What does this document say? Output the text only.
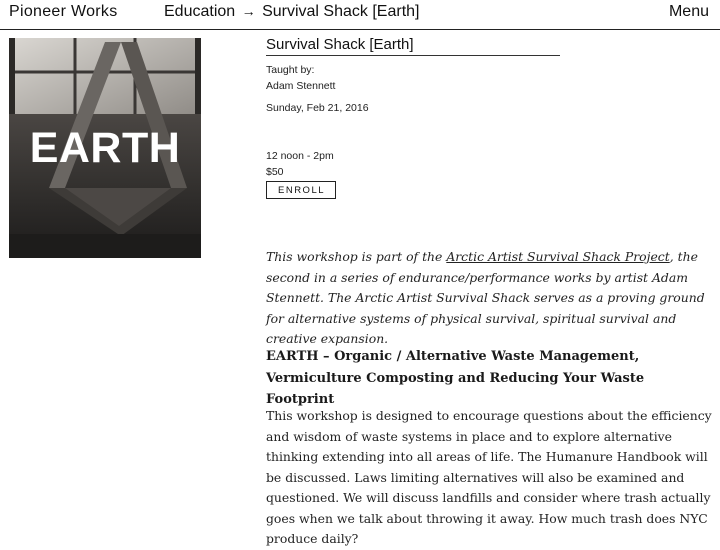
Pioneer Works	Education → Survival Shack [Earth]	Menu
EARTH
Survival Shack [Earth]
Taught by:
Adam Stennett
Sunday, Feb 21, 2016
12 noon - 2pm
$50
ENROLL
This workshop is part of the Arctic Artist Survival Shack Project, the second in a series of endurance/performance works by artist Adam Stennett. The Arctic Artist Survival Shack serves as a proving ground for alternative systems of physical survival, spiritual survival and creative expansion.
EARTH – Organic / Alternative Waste Management, Vermiculture Composting and Reducing Your Waste Footprint
This workshop is designed to encourage questions about the efficiency and wisdom of waste systems in place and to explore alternative thinking extending into all areas of life. The Humanure Handbook will be discussed. Laws limiting alternatives will also be examined and questioned. We will discuss landfills and consider where trash actually goes when we talk about throwing it away. How much trash does NYC produce daily?
